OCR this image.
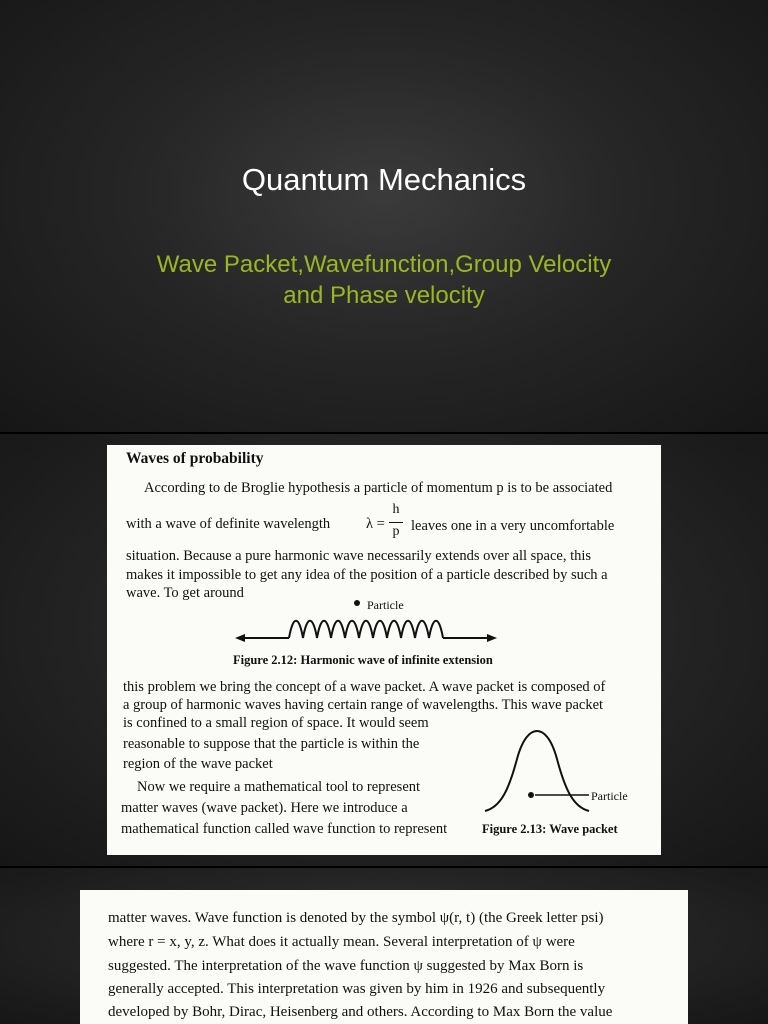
Quantum Mechanics
Wave Packet,Wavefunction,Group Velocity
and Phase velocity
Waves of probability
According to de Broglie hypothesis a particle of momentum p is to be associated
with a wave of definite wavelength λ =
h
p leaves one in a very uncomfortable
situation. Because a pure harmonic wave necessarily extends over all space, this
makes it impossible to get any idea of the position of a particle described by such a
wave. To get around
Particle
Figure 2.12: Harmonic wave of infinite extension
this problem we bring the concept of a wave packet. A wave packet is composed of
a group of harmonic waves having certain range of wavelengths. This wave packet
is confined to a small region of space. It would seem
reasonable to suppose that the particle is within the
region of the wave packet
Now we require a mathematical tool to represent
matter waves (wave packet). Here we introduce a
mathematical function called wave function to represent
Particle
Figure 2.13: Wave packet
matter waves. Wave function is denoted by the symbol ψ(r, t) (the Greek letter psi)
where r = x, y, z. What does it actually mean. Several interpretation of ψ were
suggested. The interpretation of the wave function ψ suggested by Max Born is
generally accepted. This interpretation was given by him in 1926 and subsequently
developed by Bohr, Dirac, Heisenberg and others. According to Max Born the value
